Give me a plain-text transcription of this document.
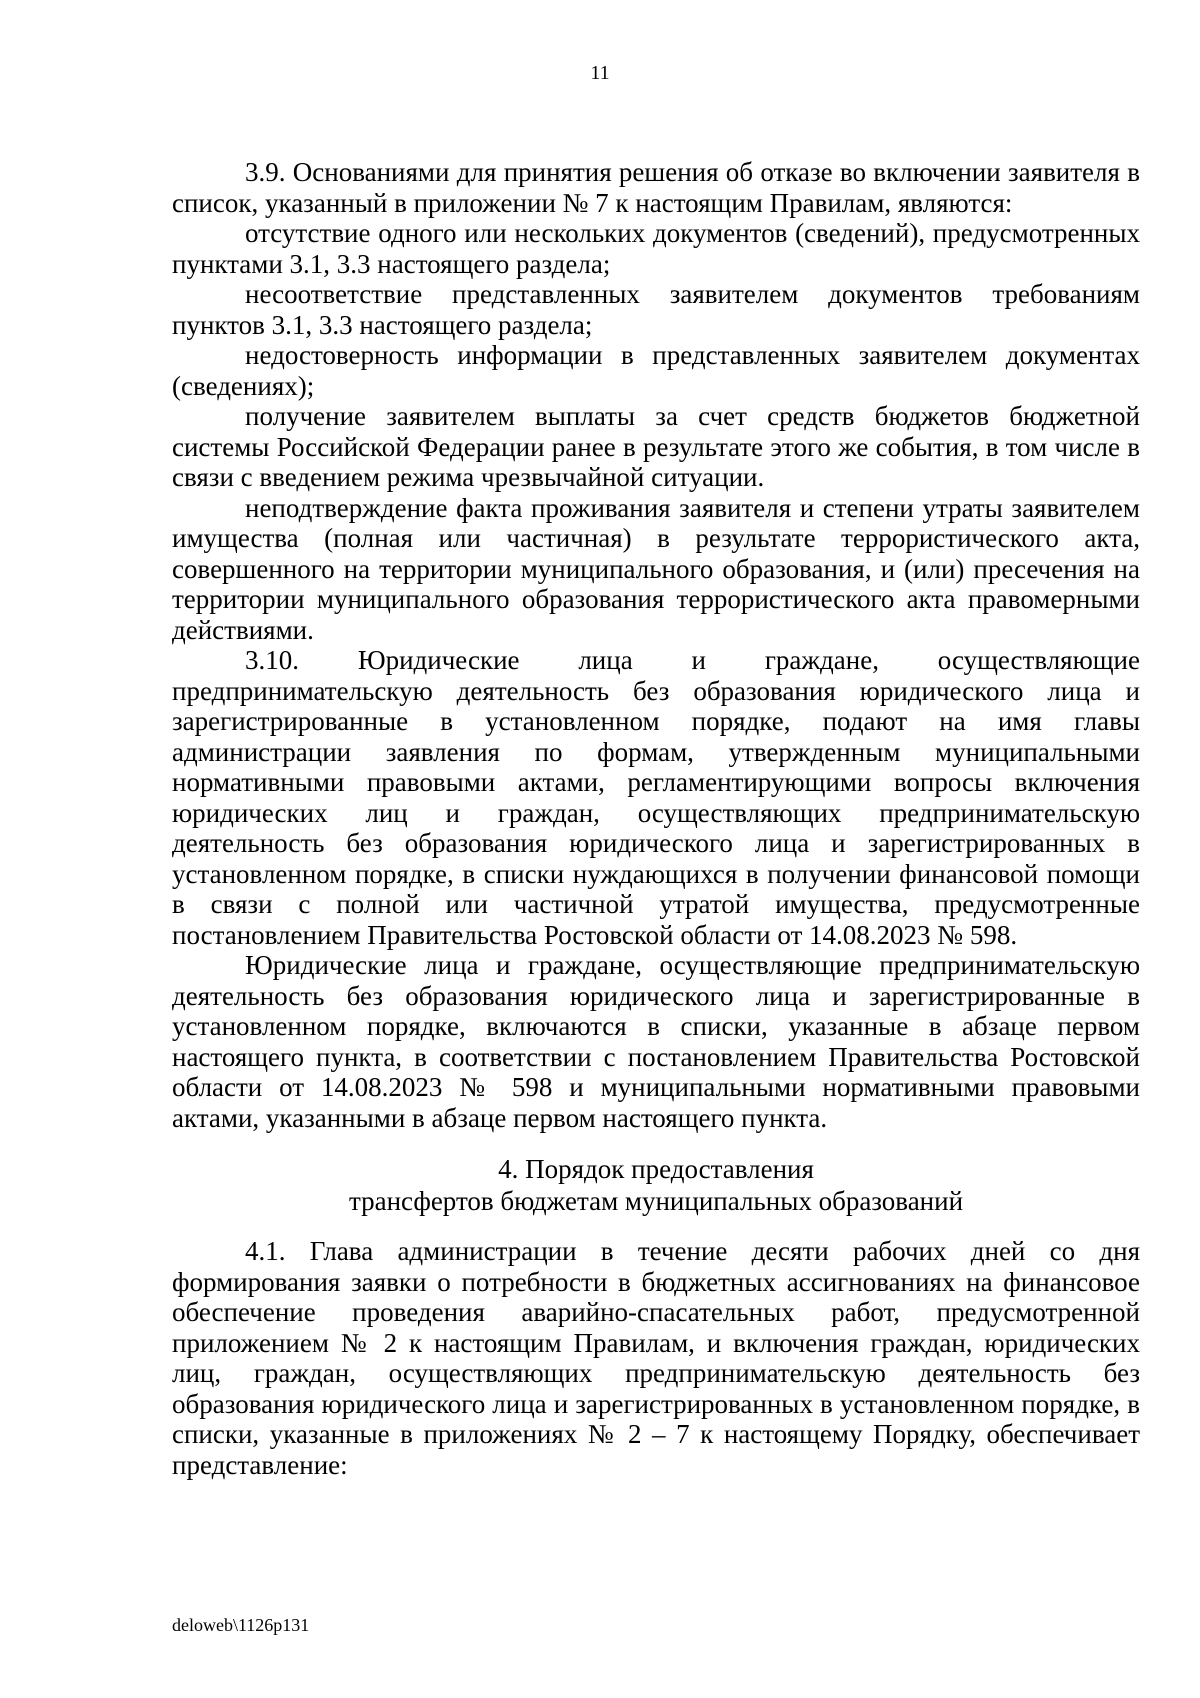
11

3.9. Основаниями для принятия решения об отказе во включении заявителя в список, указанный в приложении № 7 к настоящим Правилам, являются:

отсутствие одного или нескольких документов (сведений), предусмотренных пунктами 3.1, 3.3 настоящего раздела;

несоответствие представленных заявителем документов требованиям пунктов 3.1, 3.3 настоящего раздела;

недостоверность информации в представленных заявителем документах (сведениях);

получение заявителем выплаты за счет средств бюджетов бюджетной системы Российской Федерации ранее в результате этого же события, в том числе в связи с введением режима чрезвычайной ситуации.

неподтверждение факта проживания заявителя и степени утраты заявителем имущества (полная или частичная) в результате террористического акта, совершенного на территории муниципального образования, и (или) пресечения на территории муниципального образования террористического акта правомерными действиями.

3.10. Юридические лица и граждане, осуществляющие предпринимательскую деятельность без образования юридического лица и зарегистрированные в установленном порядке, подают на имя главы администрации заявления по формам, утвержденным муниципальными нормативными правовыми актами, регламентирующими вопросы включения юридических лиц и граждан, осуществляющих предпринимательскую деятельность без образования юридического лица и зарегистрированных в установленном порядке, в списки нуждающихся в получении финансовой помощи в связи с полной или частичной утратой имущества, предусмотренные постановлением Правительства Ростовской области от 14.08.2023 № 598.

Юридические лица и граждане, осуществляющие предпринимательскую деятельность без образования юридического лица и зарегистрированные в установленном порядке, включаются в списки, указанные в абзаце первом настоящего пункта, в соответствии с постановлением Правительства Ростовской области от 14.08.2023 № 598 и муниципальными нормативными правовыми актами, указанными в абзаце первом настоящего пункта.

4. Порядок предоставления
трансфертов бюджетам муниципальных образований

4.1. Глава администрации в течение десяти рабочих дней со дня формирования заявки о потребности в бюджетных ассигнованиях на финансовое обеспечение проведения аварийно-спасательных работ, предусмотренной приложением № 2 к настоящим Правилам, и включения граждан, юридических лиц, граждан, осуществляющих предпринимательскую деятельность без образования юридического лица и зарегистрированных в установленном порядке, в списки, указанные в приложениях № 2 – 7 к настоящему Порядку, обеспечивает представление:

deloweb\1126p131
